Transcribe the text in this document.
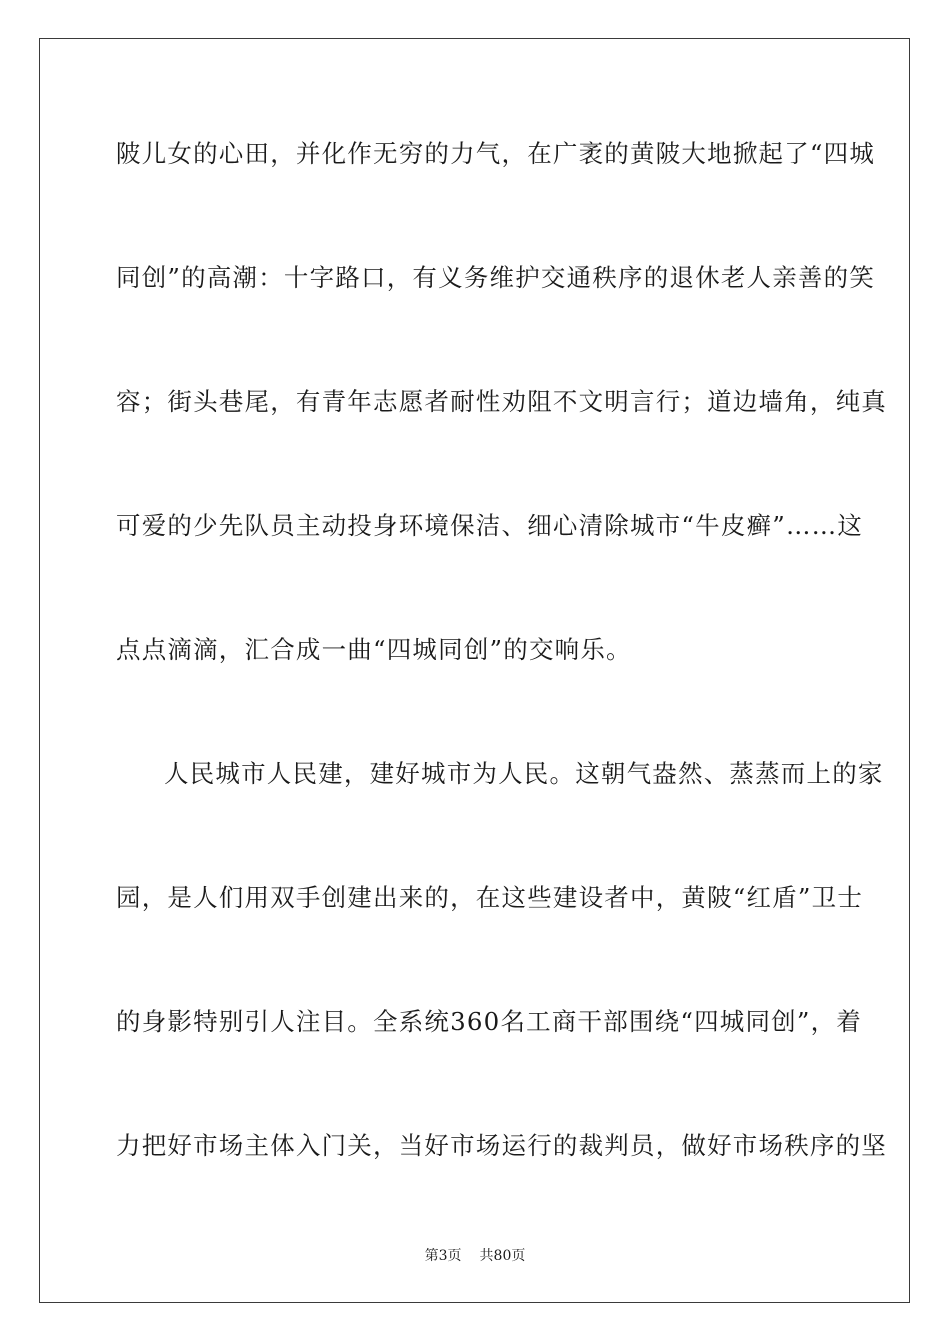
陂儿女的心田，并化作无穷的力气，在广袤的黄陂大地掀起了“四城
同创”的高潮：十字路口，有义务维护交通秩序的退休老人亲善的笑
容；街头巷尾，有青年志愿者耐性劝阻不文明言行；道边墙角，纯真
可爱的少先队员主动投身环境保洁、细心清除城市“牛皮癣”……这
点点滴滴，汇合成一曲“四城同创”的交响乐。
人民城市人民建，建好城市为人民。这朝气盎然、蒸蒸而上的家
园，是人们用双手创建出来的，在这些建设者中，黄陂“红盾”卫士
的身影特别引人注目。全系统360名工商干部围绕“四城同创”，着
力把好市场主体入门关，当好市场运行的裁判员，做好市场秩序的坚
第3页 共80页
